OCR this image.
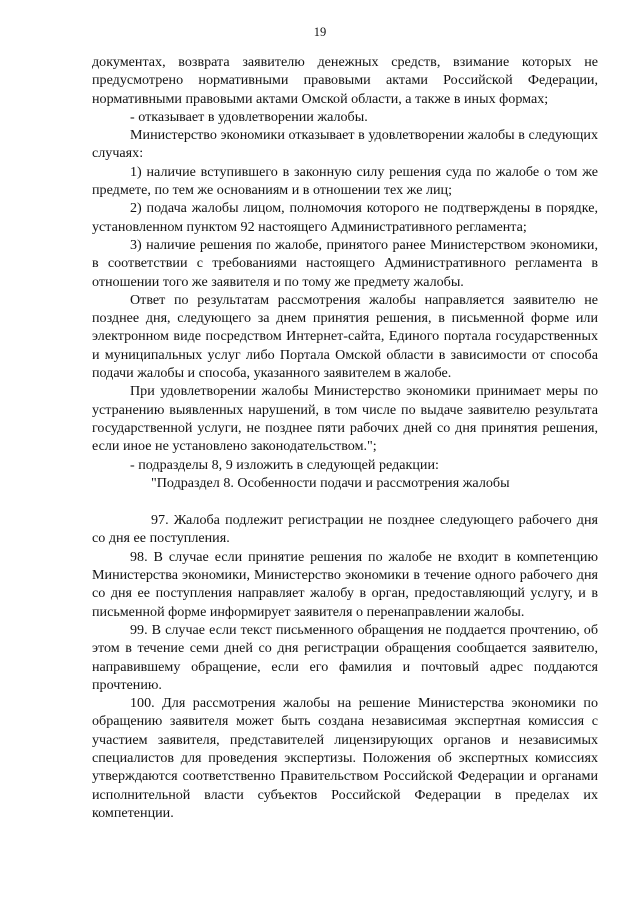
19

документах, возврата заявителю денежных средств, взимание которых не предусмотрено нормативными правовыми актами Российской Федерации, нормативными правовыми актами Омской области, а также в иных формах;

- отказывает в удовлетворении жалобы.

Министерство экономики отказывает в удовлетворении жалобы в следующих случаях:

1) наличие вступившего в законную силу решения суда по жалобе о том же предмете, по тем же основаниям и в отношении тех же лиц;

2) подача жалобы лицом, полномочия которого не подтверждены в порядке, установленном пунктом 92 настоящего Административного регламента;

3) наличие решения по жалобе, принятого ранее Министерством экономики, в соответствии с требованиями настоящего Административного регламента в отношении того же заявителя и по тому же предмету жалобы.

Ответ по результатам рассмотрения жалобы направляется заявителю не позднее дня, следующего за днем принятия решения, в письменной форме или электронном виде посредством Интернет-сайта, Единого портала государственных и муниципальных услуг либо Портала Омской области в зависимости от способа подачи жалобы и способа, указанного заявителем в жалобе.

При удовлетворении жалобы Министерство экономики принимает меры по устранению выявленных нарушений, в том числе по выдаче заявителю результата государственной услуги, не позднее пяти рабочих дней со дня принятия решения, если иное не установлено законодательством.";

- подразделы 8, 9 изложить в следующей редакции:

"Подраздел 8. Особенности подачи и рассмотрения жалобы

97. Жалоба подлежит регистрации не позднее следующего рабочего дня со дня ее поступления.

98. В случае если принятие решения по жалобе не входит в компетенцию Министерства экономики, Министерство экономики в течение одного рабочего дня со дня ее поступления направляет жалобу в орган, предоставляющий услугу, и в письменной форме информирует заявителя о перенаправлении жалобы.

99. В случае если текст письменного обращения не поддается прочтению, об этом в течение семи дней со дня регистрации обращения сообщается заявителю, направившему обращение, если его фамилия и почтовый адрес поддаются прочтению.

100. Для рассмотрения жалобы на решение Министерства экономики по обращению заявителя может быть создана независимая экспертная комиссия с участием заявителя, представителей лицензирующих органов и независимых специалистов для проведения экспертизы. Положения об экспертных комиссиях утверждаются соответственно Правительством Российской Федерации и органами исполнительной власти субъектов Российской Федерации в пределах их компетенции.
